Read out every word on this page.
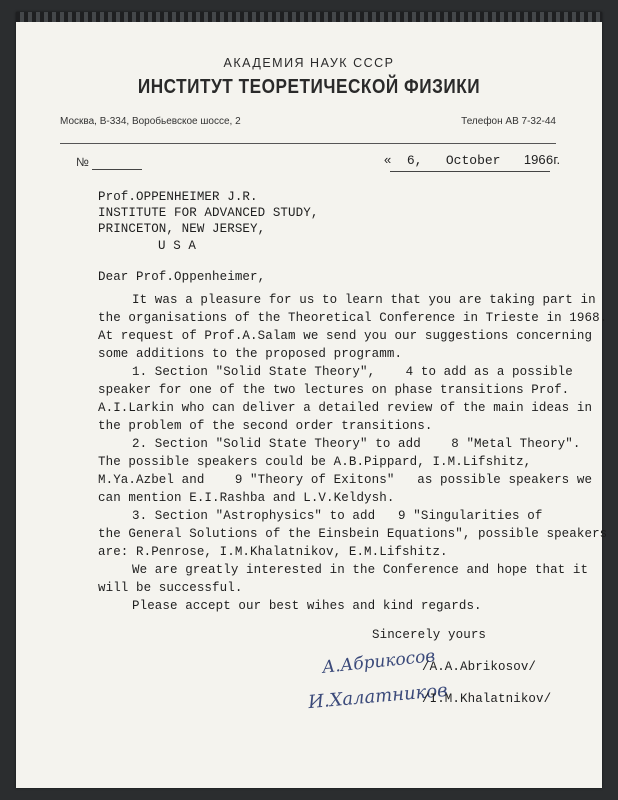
АКАДЕМИЯ НАУК СССР
ИНСТИТУТ ТЕОРЕТИЧЕСКОЙ ФИЗИКИ
Москва, В-334, Воробьевское шоссе, 2	Телефон АВ 7-32-44
№	« 6,   October 1966г.
Prof.OPPENHEIMER J.R.
INSTITUTE FOR ADVANCED STUDY,
PRINCETON, NEW JERSEY,
U S A
Dear Prof.Oppenheimer,
It was a pleasure for us to learn that you are taking part in
the organisations of the Theoretical Conference in Trieste in 1968.
At request of Prof.A.Salam we send you our suggestions concerning
some additions to the proposed programm.
1. Section "Solid State Theory",    4 to add as a possible
speaker for one of the two lectures on phase transitions Prof.
A.I.Larkin who can deliver a detailed review of the main ideas in
the problem of the second order transitions.
2. Section "Solid State Theory" to add    8 "Metal Theory".
The possible speakers could be A.B.Pippard, I.M.Lifshitz,
M.Ya.Azbel and    9 "Theory of Exitons"   as possible speakers we
can mention E.I.Rashba and L.V.Keldysh.
3. Section "Astrophysics" to add   9 "Singularities of
the General Solutions of the Einsbein Equations", possible speakers
are: R.Penrose, I.M.Khalatnikov, E.M.Lifshitz.
We are greatly interested in the Conference and hope that it
will be successful.
Please accept our best wihes and kind regards.
Sincerely yours
А.Абрикосов
/A.A.Abrikosov/
И.Халатников
/I.M.Khalatnikov/
